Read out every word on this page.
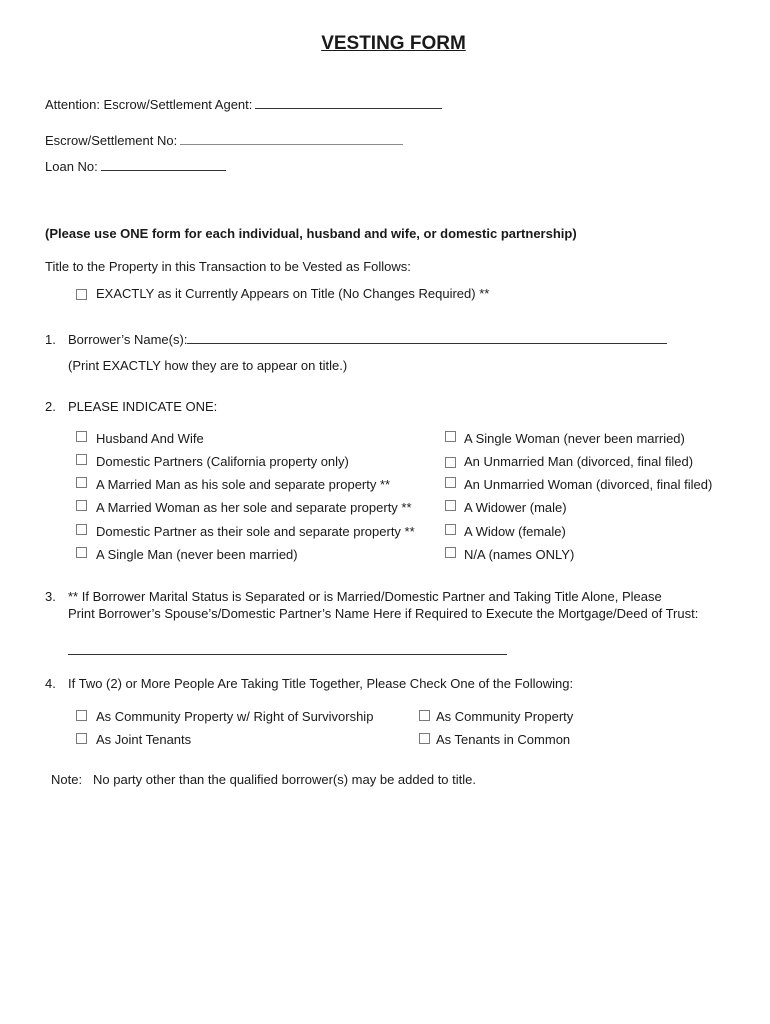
VESTING FORM
Attention: Escrow/Settlement Agent:
Escrow/Settlement No:
Loan No:
(Please use ONE form for each individual, husband and wife, or domestic partnership)
Title to the Property in this Transaction to be Vested as Follows:
EXACTLY as it Currently Appears on Title (No Changes Required) **
1. Borrower’s Name(s):
(Print EXACTLY how they are to appear on title.)
2. PLEASE INDICATE ONE:
Husband And Wife
Domestic Partners (California property only)
A Married Man as his sole and separate property **
A Married Woman as her sole and separate property **
Domestic Partner as their sole and separate property **
A Single Man (never been married)
A Single Woman (never been married)
An Unmarried Man (divorced, final filed)
An Unmarried Woman (divorced, final filed)
A Widower (male)
A Widow (female)
N/A (names ONLY)
3. ** If Borrower Marital Status is Separated or is Married/Domestic Partner and Taking Title Alone, Please
Print Borrower’s Spouse’s/Domestic Partner’s Name Here if Required to Execute the Mortgage/Deed of Trust:
4. If Two (2) or More People Are Taking Title Together, Please Check One of the Following:
As Community Property w/ Right of Survivorship
As Joint Tenants
As Community Property
As Tenants in Common
Note: No party other than the qualified borrower(s) may be added to title.
